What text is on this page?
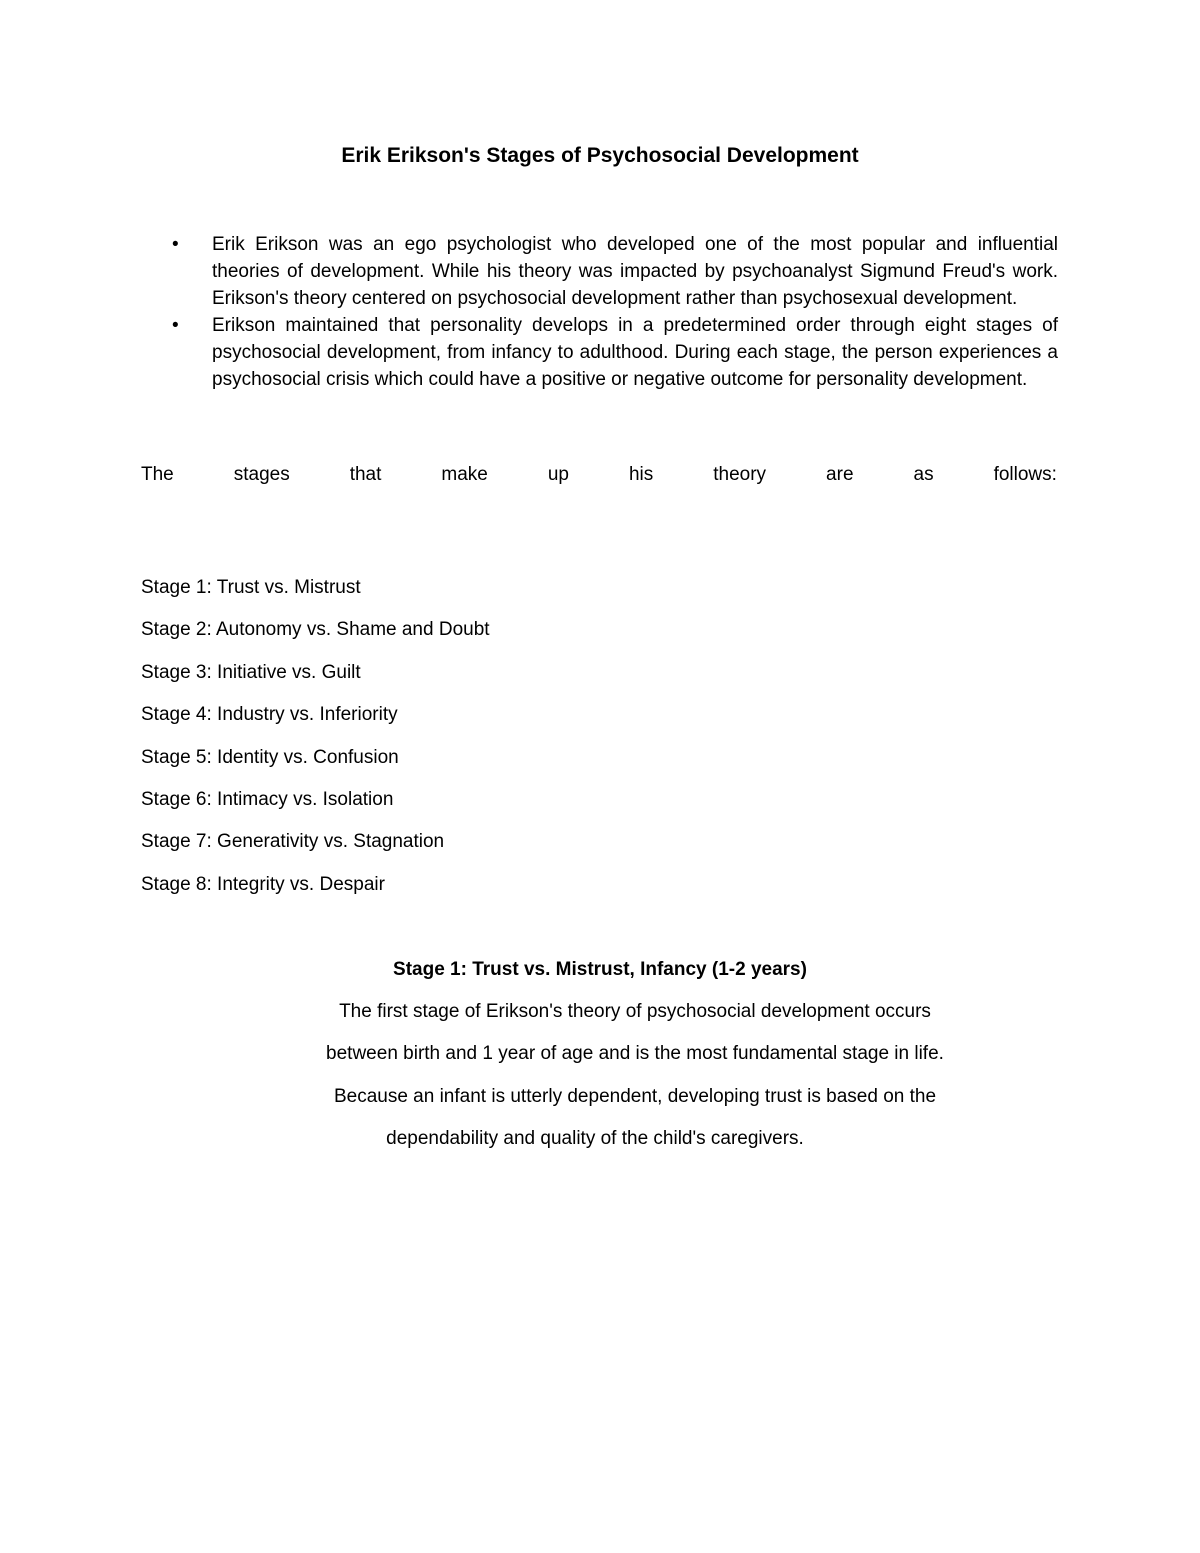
Erik Erikson's Stages of Psychosocial Development
• Erik Erikson was an ego psychologist who developed one of the most popular and influential theories of development. While his theory was impacted by psychoanalyst Sigmund Freud's work. Erikson's theory centered on psychosocial development rather than psychosexual development.
• Erikson maintained that personality develops in a predetermined order through eight stages of psychosocial development, from infancy to adulthood. During each stage, the person experiences a psychosocial crisis which could have a positive or negative outcome for personality development.

The	stages	that	make	up	his	theory	are	as	follows:

Stage 1: Trust vs. Mistrust
Stage 2: Autonomy vs. Shame and Doubt
Stage 3: Initiative vs. Guilt
Stage 4: Industry vs. Inferiority
Stage 5: Identity vs. Confusion
Stage 6: Intimacy vs. Isolation
Stage 7: Generativity vs. Stagnation
Stage 8: Integrity vs. Despair
Stage 1: Trust vs. Mistrust, Infancy (1-2 years)
The first stage of Erikson's theory of psychosocial development occurs
between birth and 1 year of age and is the most fundamental stage in life.
Because an infant is utterly dependent, developing trust is based on the
dependability and quality of the child's caregivers.
